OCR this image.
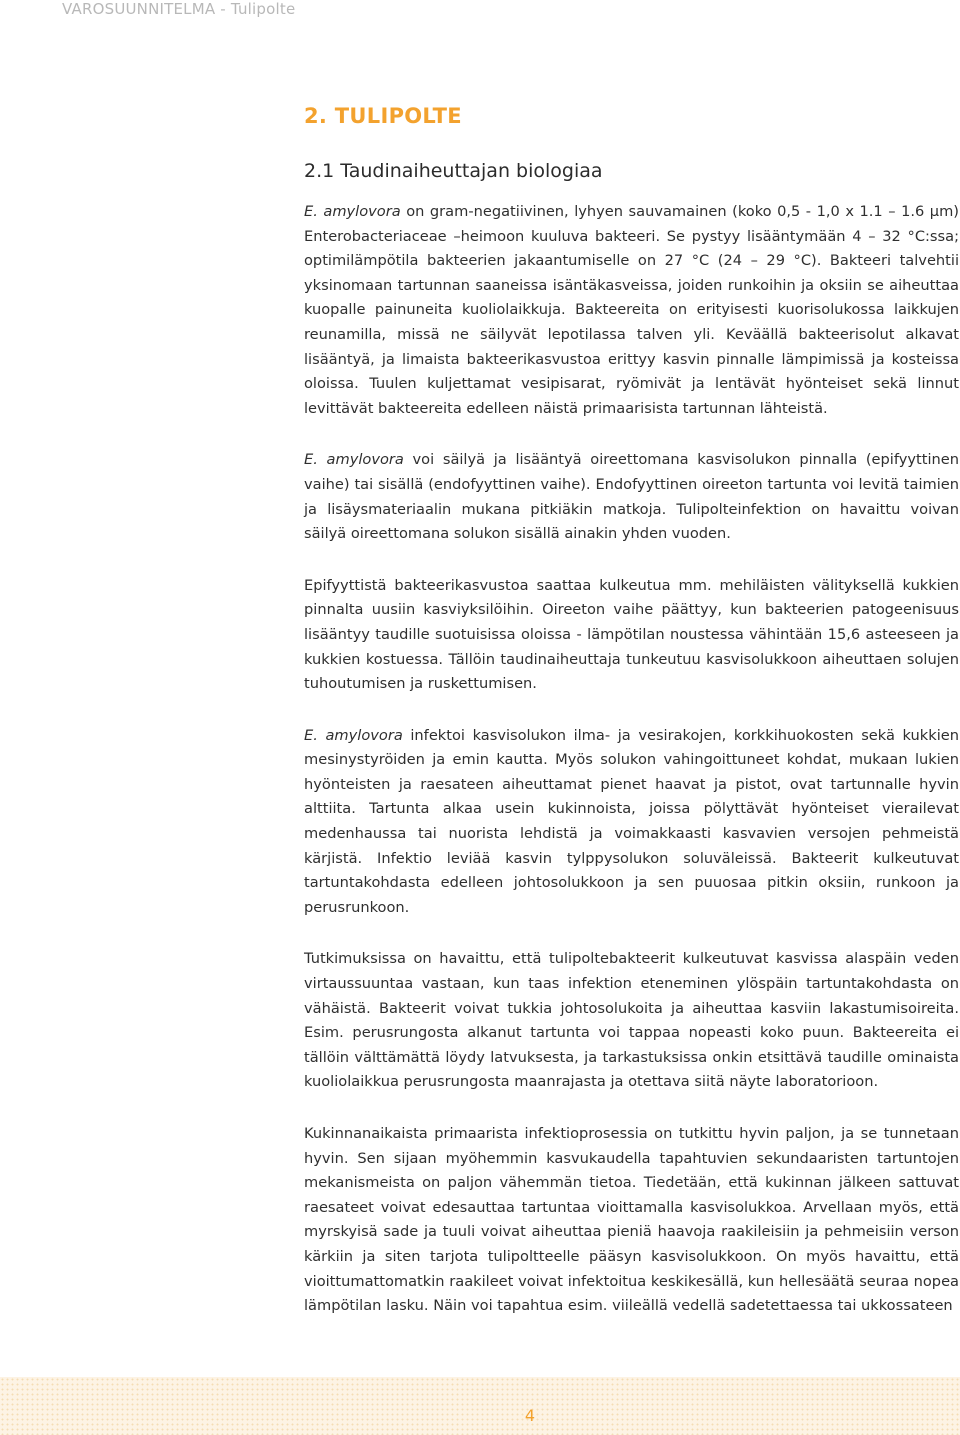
VAROSUUNNITELMA - Tulipolte
2. TULIPOLTE
2.1 Taudinaiheuttajan biologiaa

E. amylovora on gram-negatiivinen, lyhyen sauvamainen (koko 0,5 - 1,0 x 1.1 – 1.6 μm) Enterobacteriaceae –heimoon kuuluva bakteeri. Se pystyy lisääntymään 4 – 32 °C:ssa; optimilämpötila bakteerien jakaantumiselle on 27 °C (24 – 29 °C). Bakteeri talvehtii yksinomaan tartunnan saaneissa isäntäkasveissa, joiden runkoihin ja oksiin se aiheuttaa kuopalle painuneita kuoliolaikkuja. Bakteereita on erityisesti kuorisolukossa laikkujen reunamilla, missä ne säilyvät lepotilassa talven yli. Keväällä bakteerisolut alkavat lisääntyä, ja limaista bakteerikasvustoa erittyy kasvin pinnalle lämpimissä ja kosteissa oloissa. Tuulen kuljettamat vesipisarat, ryömivät ja lentävät hyönteiset sekä linnut levittävät bakteereita edelleen näistä primaarisista tartunnan lähteistä.

E. amylovora voi säilyä ja lisääntyä oireettomana kasvisolukon pinnalla (epifyyttinen vaihe) tai sisällä (endofyyttinen vaihe). Endofyyttinen oireeton tartunta voi levitä taimien ja lisäysmateriaalin mukana pitkiäkin matkoja. Tulipolteinfektion on havaittu voivan säilyä oireettomana solukon sisällä ainakin yhden vuoden.

Epifyyttistä bakteerikasvustoa saattaa kulkeutua mm. mehiläisten välityksellä kukkien pinnalta uusiin kasviyksilöihin. Oireeton vaihe päättyy, kun bakteerien patogeenisuus lisääntyy taudille suotuisissa oloissa - lämpötilan noustessa vähintään 15,6 asteeseen ja kukkien kostuessa. Tällöin taudinaiheuttaja tunkeutuu kasvisolukkoon aiheuttaen solujen tuhoutumisen ja ruskettumisen.

E. amylovora infektoi kasvisolukon ilma- ja vesirakojen, korkkihuokosten sekä kukkien mesinystyröiden ja emin kautta. Myös solukon vahingoittuneet kohdat, mukaan lukien hyönteisten ja raesateen aiheuttamat pienet haavat ja pistot, ovat tartunnalle hyvin alttiita. Tartunta alkaa usein kukinnoista, joissa pölyttävät hyönteiset vierailevat medenhaussa tai nuorista lehdistä ja voimakkaasti kasvavien versojen pehmeistä kärjistä. Infektio leviää kasvin tylppysolukon soluväleissä. Bakteerit kulkeutuvat tartuntakohdasta edelleen johtosolukkoon ja sen puuosaa pitkin oksiin, runkoon ja perusrunkoon.

Tutkimuksissa on havaittu, että tulipoltebakteerit kulkeutuvat kasvissa alaspäin veden virtaussuuntaa vastaan, kun taas infektion eteneminen ylöspäin tartuntakohdasta on vähäistä. Bakteerit voivat tukkia johtosolukoita ja aiheuttaa kasviin lakastumisoireita. Esim. perusrungosta alkanut tartunta voi tappaa nopeasti koko puun. Bakteereita ei tällöin välttämättä löydy latvuksesta, ja tarkastuksissa onkin etsittävä taudille ominaista kuoliolaikkua perusrungosta maanrajasta ja otettava siitä näyte laboratorioon.

Kukinnanaikaista primaarista infektioprosessia on tutkittu hyvin paljon, ja se tunnetaan hyvin. Sen sijaan myöhemmin kasvukaudella tapahtuvien sekundaaristen tartuntojen mekanismeista on paljon vähemmän tietoa. Tiedetään, että kukinnan jälkeen sattuvat raesateet voivat edesauttaa tartuntaa vioittamalla kasvisolukkoa. Arvellaan myös, että myrskyisä sade ja tuuli voivat aiheuttaa pieniä haavoja raakileisiin ja pehmeisiin verson kärkiin ja siten tarjota tulipoltteelle pääsyn kasvisolukkoon. On myös havaittu, että vioittumattomatkin raakileet voivat infektoitua keskikesällä, kun hellesäätä seuraa nopea lämpötilan lasku. Näin voi tapahtua esim. viileällä vedellä sadetettaessa tai ukkossateen

4
